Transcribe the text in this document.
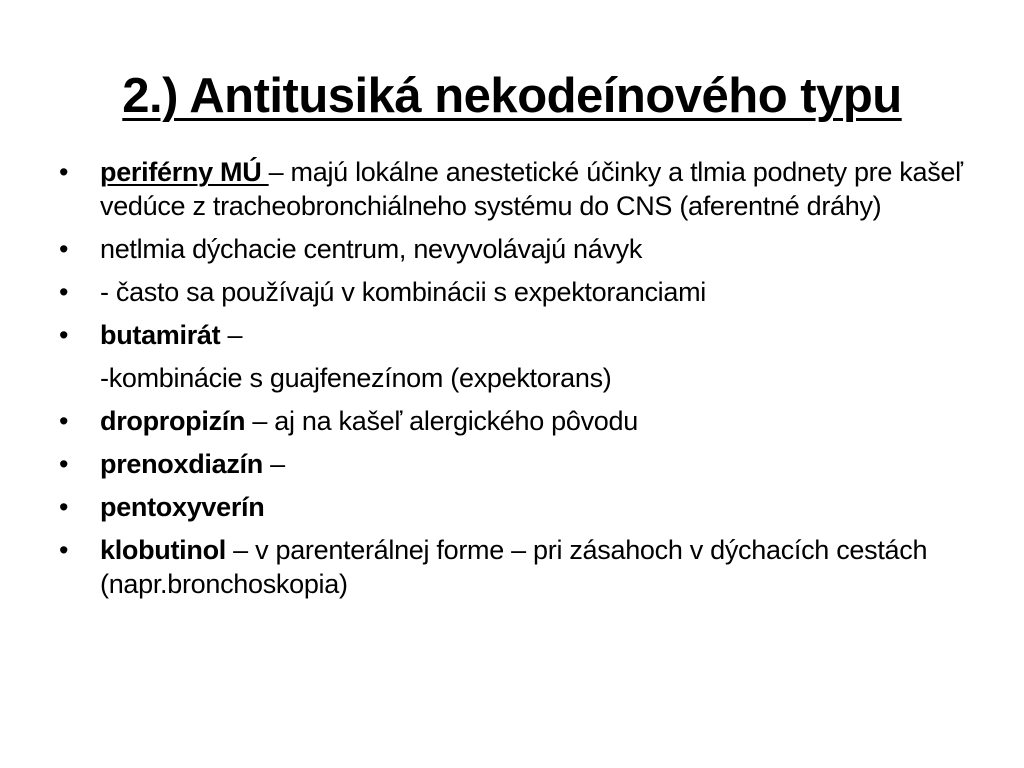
2.) Antitusiká nekodeínového typu
• periférny MÚ – majú lokálne anestetické účinky a tlmia podnety pre kašeľ vedúce z tracheobronchiálneho systému do CNS (aferentné dráhy)
• netlmia dýchacie centrum, nevyvolávajú návyk
• - často sa používajú v kombinácii s expektoranciami
• butamirát –
-kombinácie s guajfenezínom (expektorans)
• dropropizín – aj na kašeľ alergického pôvodu
• prenoxdiazín –
• pentoxyverín
• klobutinol – v parenterálnej forme – pri zásahoch v dýchacích cestách (napr.bronchoskopia)
